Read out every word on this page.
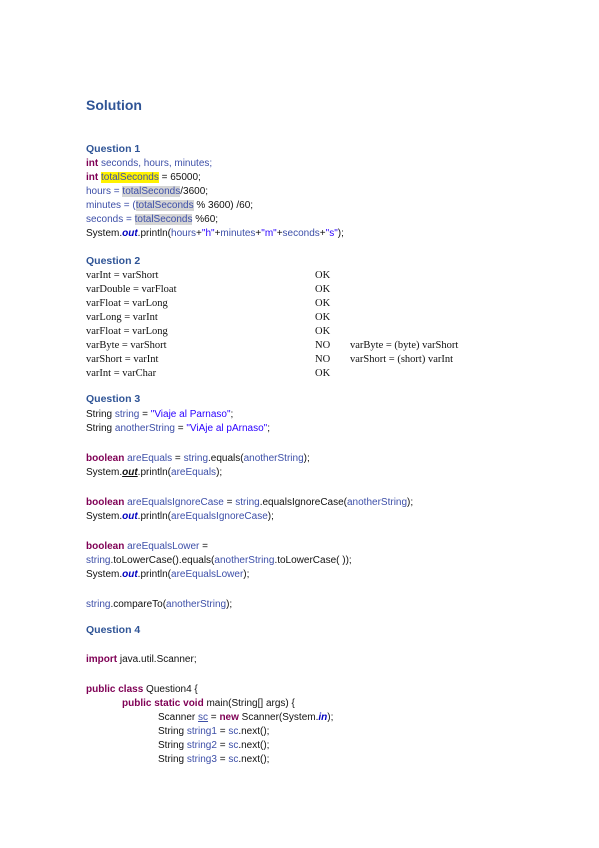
Solution
Question 1
int seconds, hours, minutes;
int totalSeconds = 65000;
hours = totalSeconds/3600;
minutes = (totalSeconds % 3600) /60;
seconds = totalSeconds %60;
System.out.println(hours+"h"+minutes+"m"+seconds+"s");
Question 2
varInt = varShort	OK
varDouble = varFloat	OK
varFloat = varLong	OK
varLong = varInt	OK
varFloat = varLong	OK
varByte = varShort	NO varByte = (byte) varShort
varShort = varInt	NO varShort = (short) varInt
varInt = varChar	OK
Question 3
String string = "Viaje al Parnaso";
String anotherString = "ViAje al pArnaso";
boolean areEquals = string.equals(anotherString);
System.out.println(areEquals);
boolean areEqualsIgnoreCase = string.equalsIgnoreCase(anotherString);
System.out.println(areEqualsIgnoreCase);
boolean areEqualsLower =
string.toLowerCase().equals(anotherString.toLowerCase( ));
System.out.println(areEqualsLower);
string.compareTo(anotherString);
Question 4
import java.util.Scanner;
public class Question4 {
public static void main(String[] args) {
Scanner sc = new Scanner(System.in);
String string1 = sc.next();
String string2 = sc.next();
String string3 = sc.next();
